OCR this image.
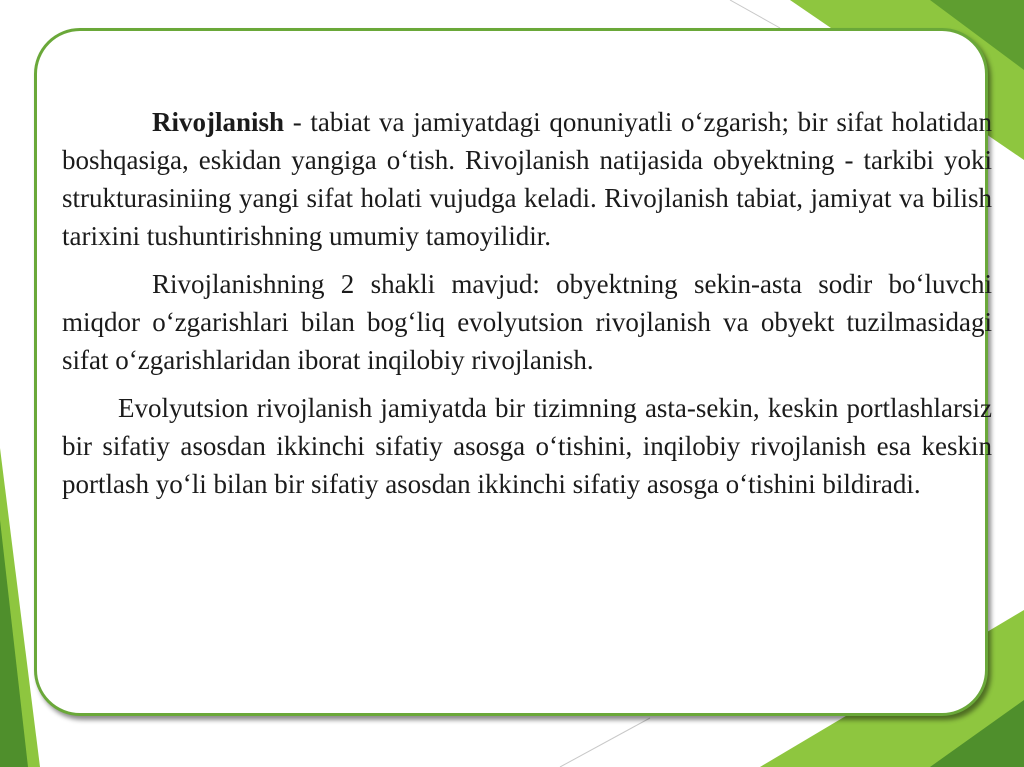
Rivojlanish - tabiat va jamiyatdagi qonuniyatli o‘zgarish; bir sifat holatidan boshqasiga, eskidan yangiga o‘tish. Rivojlanish natijasida obyektning - tarkibi yoki strukturasiniing yangi sifat holati vujudga keladi. Rivojlanish tabiat, jamiyat va bilish tarixini tushuntirishning umumiy tamoyilidir.

Rivojlanishning 2 shakli mavjud: obyektning sekin-asta sodir bo‘luvchi miqdor o‘zgarishlari bilan bog‘liq evolyutsion rivojlanish va obyekt tuzilmasidagi sifat o‘zgarishlaridan iborat inqilobiy rivojlanish.

Evolyutsion rivojlanish jamiyatda bir tizimning asta-sekin, keskin portlashlarsiz bir sifatiy asosdan ikkinchi sifatiy asosga o‘tishini, inqilobiy rivojlanish esa keskin portlash yo‘li bilan bir sifatiy asosdan ikkinchi sifatiy asosga o‘tishini bildiradi.
